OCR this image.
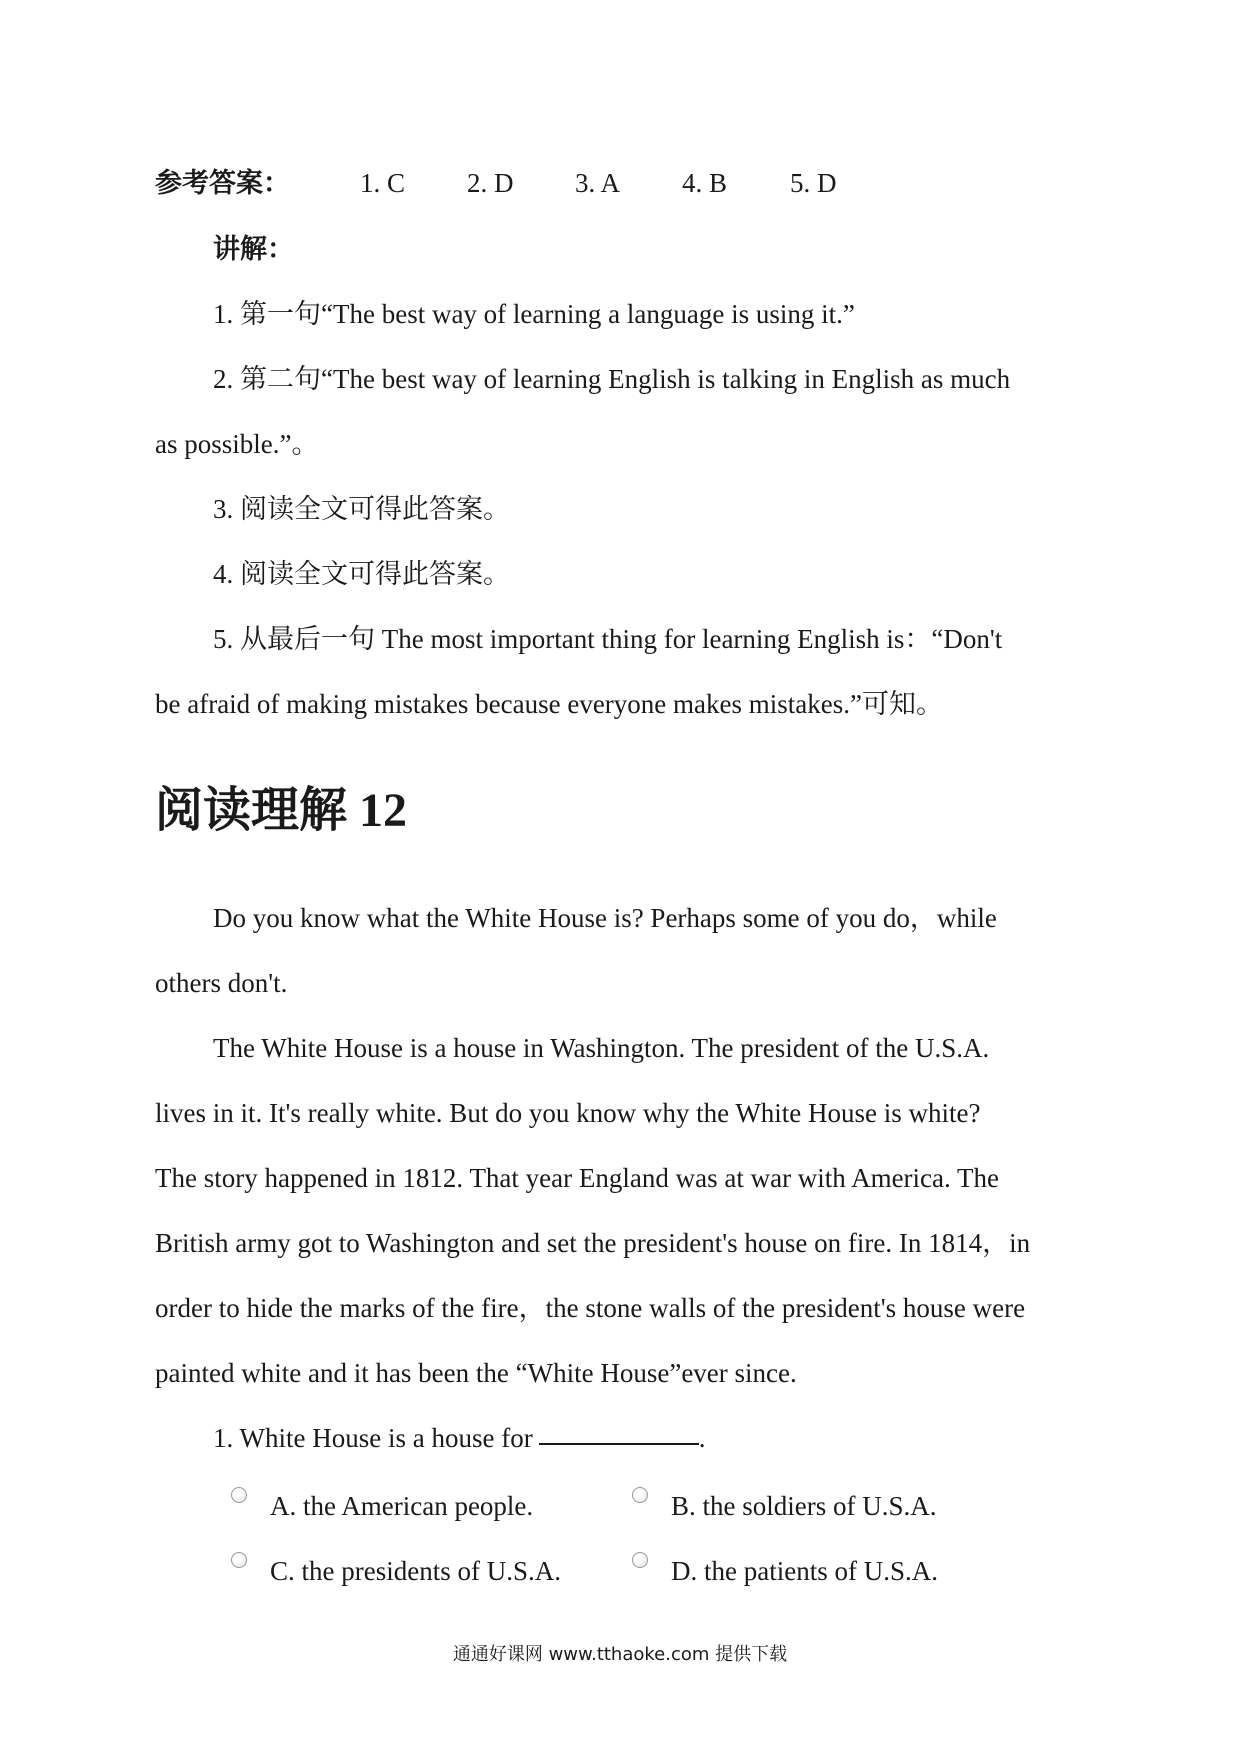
参考答案：	1. C 2. D 3. A 4. B 5. D
讲解：
1. 第一句“The best way of learning a language is using it.”
2. 第二句“The best way of learning English is talking in English as much
as possible.”。
3. 阅读全文可得此答案。
4. 阅读全文可得此答案。
5. 从最后一句 The most important thing for learning English is：“Don't
be afraid of making mistakes because everyone makes mistakes.”可知。
阅读理解 12
Do you know what the White House is? Perhaps some of you do，while
others don't.
The White House is a house in Washington. The president of the U.S.A.
lives in it. It's really white. But do you know why the White House is white?
The story happened in 1812. That year England was at war with America. The
British army got to Washington and set the president's house on fire. In 1814，in
order to hide the marks of the fire，the stone walls of the president's house were
painted white and it has been the “White House”ever since.
1. White House is a house for	.
A. the American people.	B. the soldiers of U.S.A.
C. the presidents of U.S.A.	D. the patients of U.S.A.
通通好课网 www.tthaoke.com 提供下载
